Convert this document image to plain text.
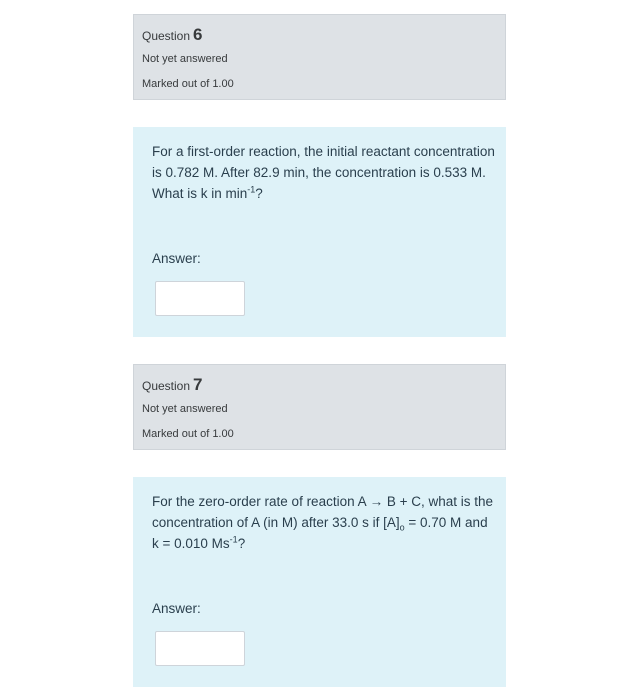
Question 6
Not yet answered
Marked out of 1.00
For a first-order reaction, the initial reactant concentration is 0.782 M. After 82.9 min, the concentration is 0.533 M. What is k in $\min^{-1}$?
Answer:
Question 7
Not yet answered
Marked out of 1.00
For the zero-order rate of reaction A → B + C, what is the concentration of A (in M) after 33.0 s if $[A]_o = 0.70$ M and k = 0.010 $Ms^{-1}$?
Answer:
